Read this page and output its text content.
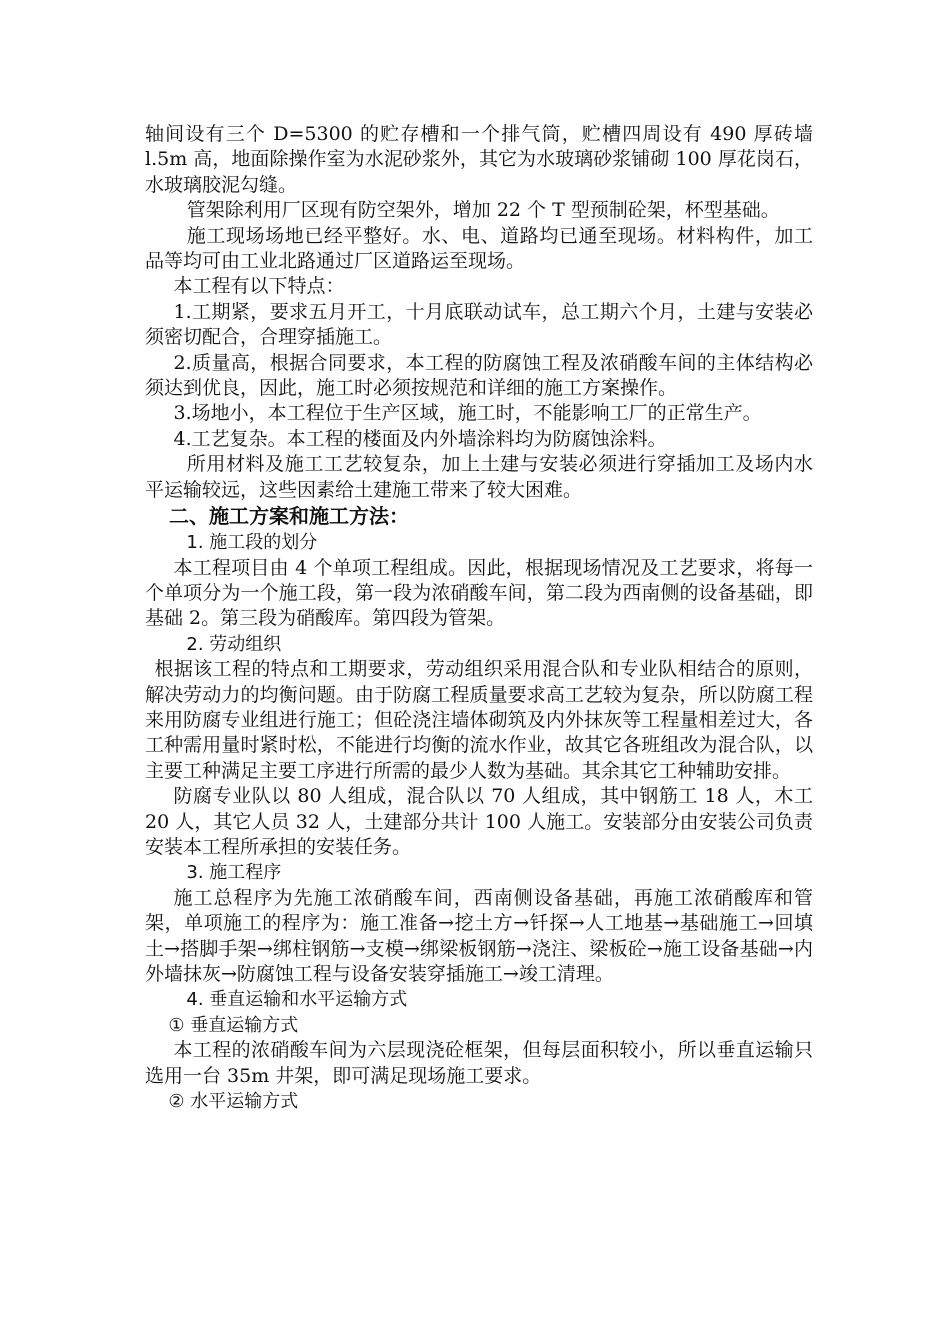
轴间设有三个 D=5300 的贮存槽和一个排气筒，贮槽四周设有 490 厚砖墙 l.5m 高，地面除操作室为水泥砂浆外，其它为水玻璃砂浆铺砌 100 厚花岗石，水玻璃胶泥勾缝。

管架除利用厂区现有防空架外，增加 22 个 T 型预制砼架，杯型基础。

施工现场场地已经平整好。水、电、道路均已通至现场。材料构件，加工品等均可由工业北路通过厂区道路运至现场。

本工程有以下特点：

1.工期紧，要求五月开工，十月底联动试车，总工期六个月，土建与安装必须密切配合，合理穿插施工。

2.质量高，根据合同要求，本工程的防腐蚀工程及浓硝酸车间的主体结构必须达到优良，因此，施工时必须按规范和详细的施工方案操作。

3.场地小，本工程位于生产区域，施工时，不能影响工厂的正常生产。

4.工艺复杂。本工程的楼面及内外墙涂料均为防腐蚀涂料。

所用材料及施工工艺较复杂，加上土建与安装必须进行穿插加工及场内水平运输较远，这些因素给土建施工带来了较大困难。

二、施工方案和施工方法：

1. 施工段的划分

本工程项目由 4 个单项工程组成。因此，根据现场情况及工艺要求，将每一个单项分为一个施工段，第一段为浓硝酸车间，第二段为西南侧的设备基础，即基础 2。第三段为硝酸库。第四段为管架。

2. 劳动组织

根据该工程的特点和工期要求，劳动组织采用混合队和专业队相结合的原则，解决劳动力的均衡问题。由于防腐工程质量要求高工艺较为复杂，所以防腐工程来用防腐专业组进行施工；但砼浇注墙体砌筑及内外抹灰等工程量相差过大，各工种需用量时紧时松，不能进行均衡的流水作业，故其它各班组改为混合队，以主要工种满足主要工序进行所需的最少人数为基础。其余其它工种辅助安排。

防腐专业队以 80 人组成，混合队以 70 人组成，其中钢筋工 18 人，木工 20 人，其它人员 32 人，土建部分共计 100 人施工。安装部分由安装公司负责安装本工程所承担的安装任务。

3. 施工程序

施工总程序为先施工浓硝酸车间，西南侧设备基础，再施工浓硝酸库和管架，单项施工的程序为：施工准备→挖土方→钎探→人工地基→基础施工→回填土→搭脚手架→绑柱钢筋→支模→绑梁板钢筋→浇注、梁板砼→施工设备基础→内外墙抹灰→防腐蚀工程与设备安装穿插施工→竣工清理。

4. 垂直运输和水平运输方式

① 垂直运输方式

本工程的浓硝酸车间为六层现浇砼框架，但每层面积较小，所以垂直运输只选用一台 35m 井架，即可满足现场施工要求。

② 水平运输方式
